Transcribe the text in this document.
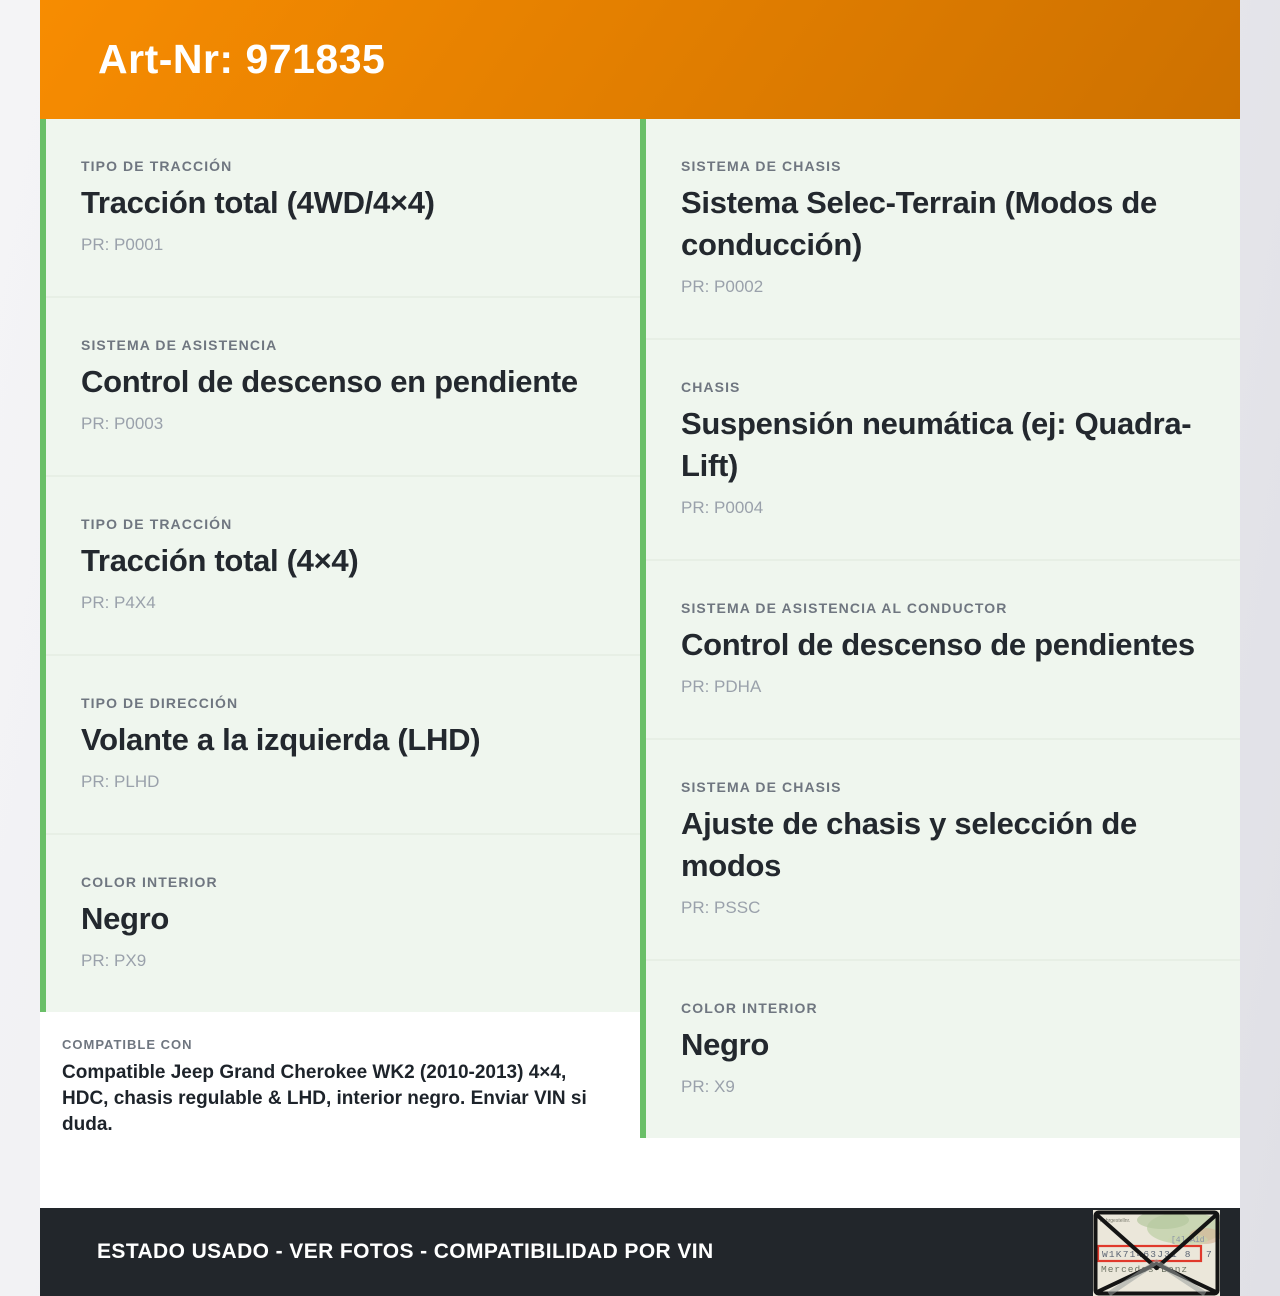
Art-Nr: 971835
TIPO DE TRACCIÓN
Tracción total (4WD/4×4)
PR: P0001
SISTEMA DE ASISTENCIA
Control de descenso en pendiente
PR: P0003
TIPO DE TRACCIÓN
Tracción total (4×4)
PR: P4X4
TIPO DE DIRECCIÓN
Volante a la izquierda (LHD)
PR: PLHD
COLOR INTERIOR
Negro
PR: PX9
COMPATIBLE CON
Compatible Jeep Grand Cherokee WK2 (2010-2013) 4×4, HDC, chasis regulable & LHD, interior negro. Enviar VIN si duda.
SISTEMA DE CHASIS
Sistema Selec-Terrain (Modos de conducción)
PR: P0002
CHASIS
Suspensión neumática (ej: Quadra-Lift)
PR: P0004
SISTEMA DE ASISTENCIA AL CONDUCTOR
Control de descenso de pendientes
PR: PDHA
SISTEMA DE CHASIS
Ajuste de chasis y selección de modos
PR: PSSC
COLOR INTERIOR
Negro
PR: X9
ESTADO USADO - VER FOTOS - COMPATIBILIDAD POR VIN
Fahrgestellnr.
[4] Aid
W1K71463J31 8 7
Mercedes-Benz
